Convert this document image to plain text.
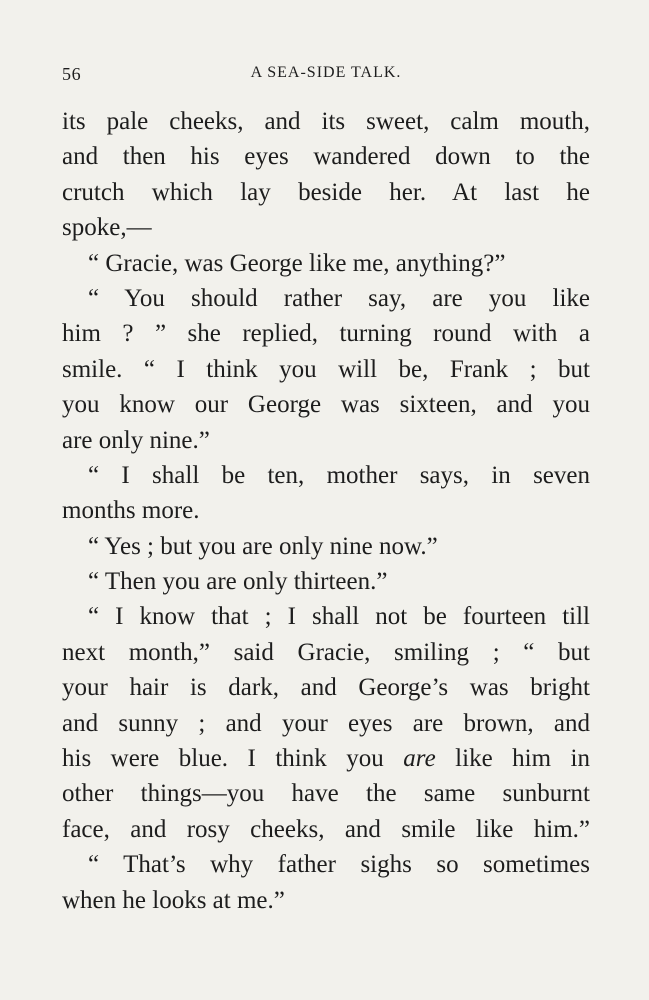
56	A SEA-SIDE TALK.
its pale cheeks, and its sweet, calm mouth,
and then his eyes wandered down to the
crutch which lay beside her. At last he
spoke,—
“ Gracie, was George like me, anything?”
“ You should rather say, are you like
him ? ” she replied, turning round with a
smile. “ I think you will be, Frank ; but
you know our George was sixteen, and you
are only nine.”
“ I shall be ten, mother says, in seven
months more.
“ Yes ; but you are only nine now.”
“ Then you are only thirteen.”
“ I know that ; I shall not be fourteen till
next month,” said Gracie, smiling ; “ but
your hair is dark, and George’s was bright
and sunny ; and your eyes are brown, and
his were blue. I think you are like him in
other things—you have the same sunburnt
face, and rosy cheeks, and smile like him.”
“ That’s why father sighs so sometimes
when he looks at me.”
